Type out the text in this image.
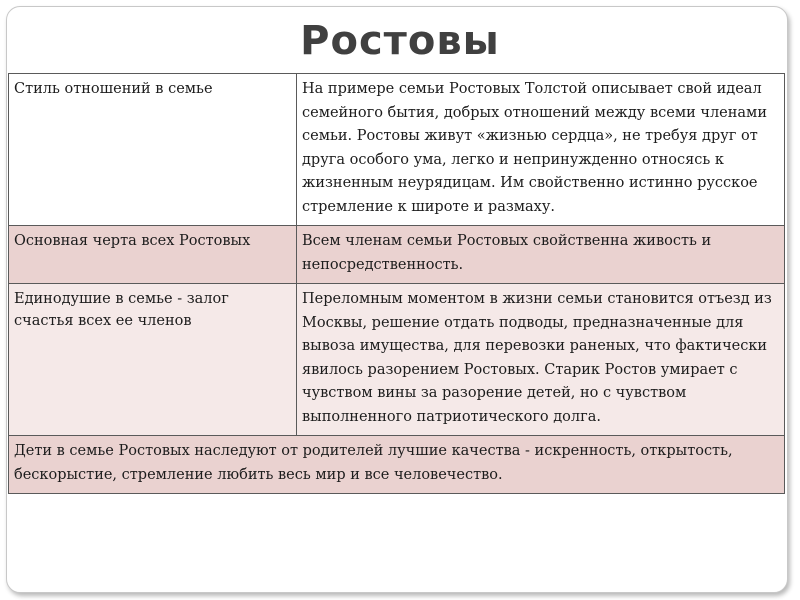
Ростовы
Стиль отношений в семье	На примере семьи Ростовых Толстой описывает свой идеал семейного бытия, добрых отношений между всеми членами семьи. Ростовы живут «жизнью сердца», не требуя друг от друга особого ума, легко и непринужденно относясь к жизненным неурядицам. Им свойственно истинно русское стремление к широте и размаху.
Основная черта всех Ростовых	Всем членам семьи Ростовых свойственна живость и непосредственность.
Единодушие в семье - залог счастья всех ее членов	Переломным моментом в жизни семьи становится отъезд из Москвы, решение отдать подводы, предназначенные для вывоза имущества, для перевозки раненых, что фактически явилось разорением Ростовых. Старик Ростов умирает с чувством вины за разорение детей, но с чувством выполненного патриотического долга.
Дети в семье Ростовых наследуют от родителей лучшие качества - искренность, открытость, бескорыстие, стремление любить весь мир и все человечество.	
